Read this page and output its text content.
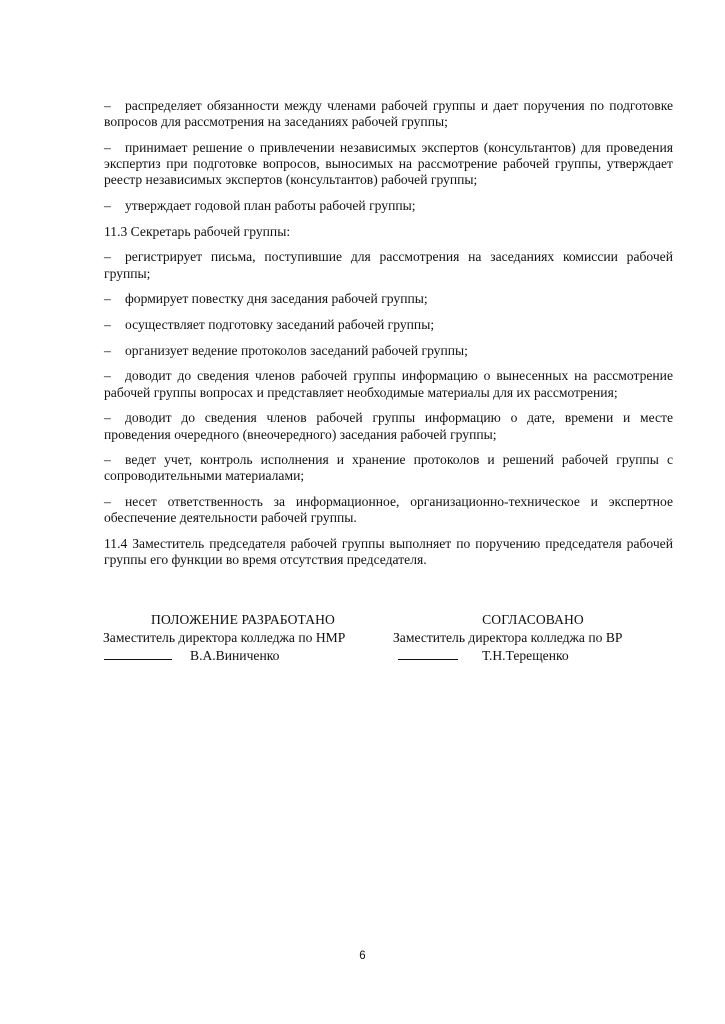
– распределяет обязанности между членами рабочей группы и дает поручения по подготовке вопросов для рассмотрения на заседаниях рабочей группы;

– принимает решение о привлечении независимых экспертов (консультантов) для проведения экспертиз при подготовке вопросов, выносимых на рассмотрение рабочей группы, утверждает реестр независимых экспертов (консультантов) рабочей группы;

– утверждает годовой план работы рабочей группы;

11.3 Секретарь рабочей группы:

– регистрирует письма, поступившие для рассмотрения на заседаниях комиссии рабочей группы;

– формирует повестку дня заседания рабочей группы;

– осуществляет подготовку заседаний рабочей группы;

– организует ведение протоколов заседаний рабочей группы;

– доводит до сведения членов рабочей группы информацию о вынесенных на рассмотрение рабочей группы вопросах и представляет необходимые материалы для их рассмотрения;

– доводит до сведения членов рабочей группы информацию о дате, времени и месте проведения очередного (внеочередного) заседания рабочей группы;

– ведет учет, контроль исполнения и хранение протоколов и решений рабочей группы с сопроводительными материалами;

– несет ответственность за информационное, организационно-техническое и экспертное обеспечение деятельности рабочей группы.

11.4 Заместитель председателя рабочей группы выполняет по поручению председателя рабочей группы его функции во время отсутствия председателя.

ПОЛОЖЕНИЕ РАЗРАБОТАНО
Заместитель директора колледжа по НМР
В.А.Виниченко
СОГЛАСОВАНО
Заместитель директора колледжа по ВР
Т.Н.Терещенко
6
